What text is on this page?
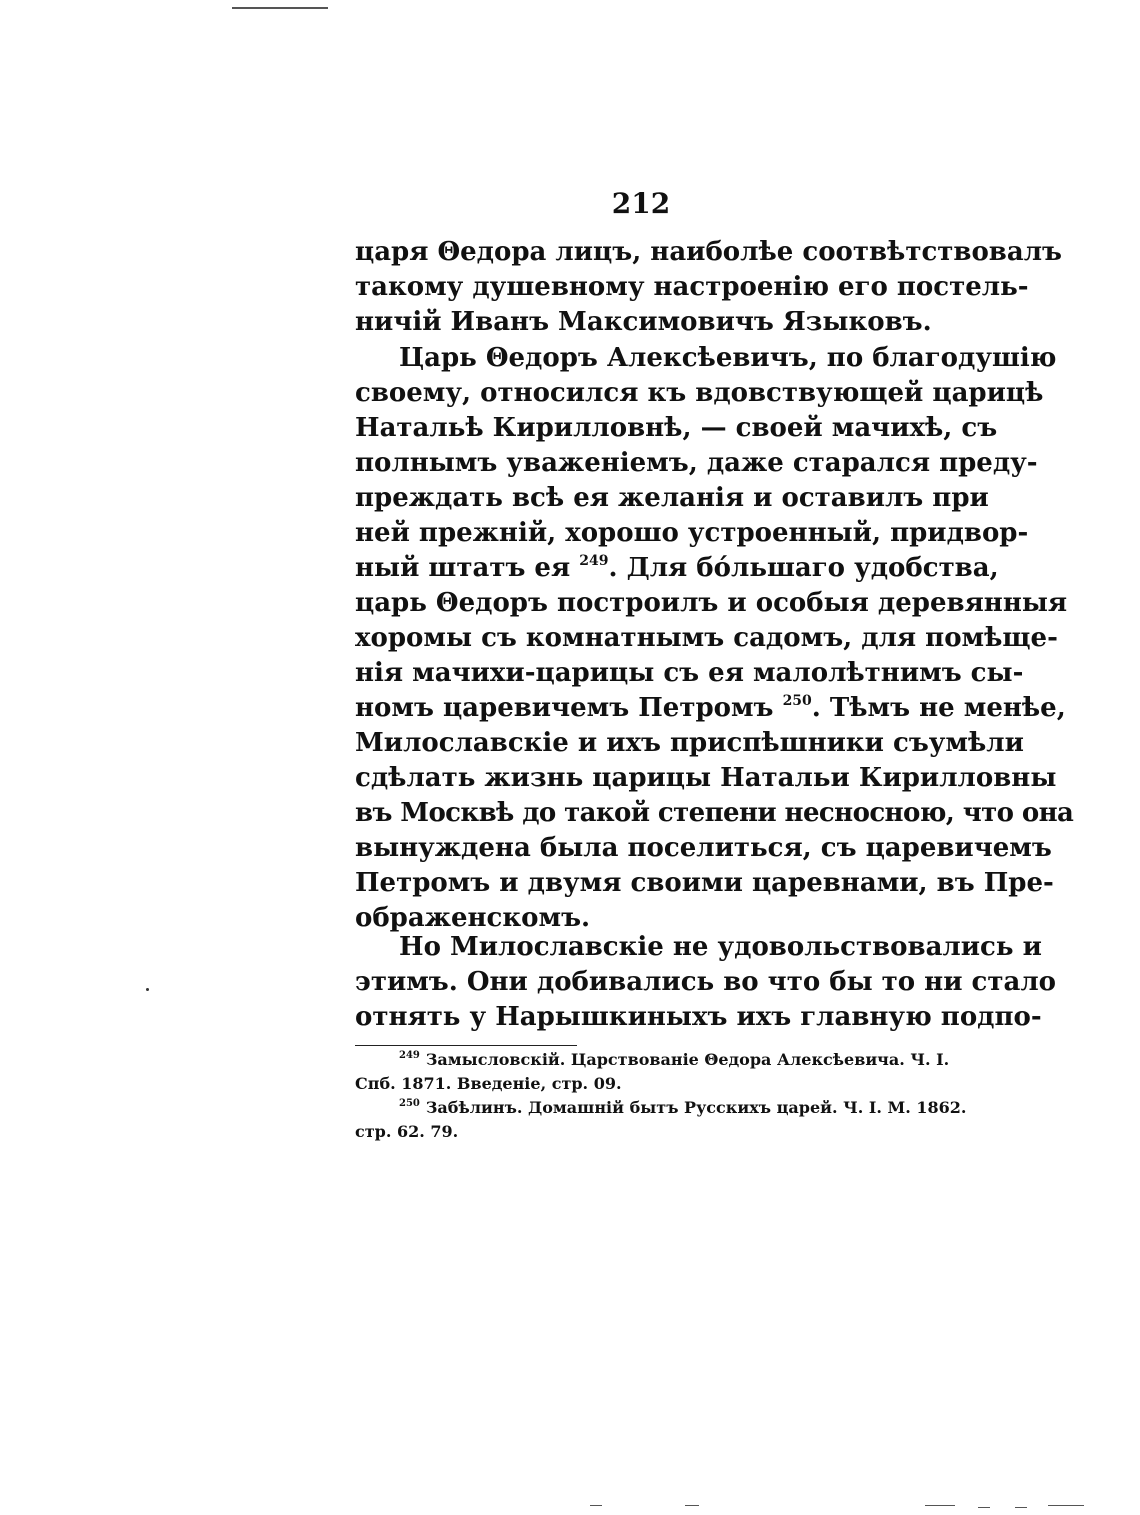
212
царя Θедора лицъ, наиболѣе соотвѣтствовалъ
такому душевному настроенію его постель-
ничій Иванъ Максимовичъ Языковъ.
Царь Θедоръ Алексѣевичъ, по благодушію
своему, относился къ вдовствующей царицѣ
Натальѣ Кирилловнѣ, — своей мачихѣ, съ
полнымъ уваженіемъ, даже старался преду-
преждать всѣ ея желанія и оставилъ при
ней прежній, хорошо устроенный, придвор-
ный штатъ ея $^{249}$. Для бо́льшаго удобства,
царь Θедоръ построилъ и особыя деревянныя
хоромы съ комнатнымъ садомъ, для помѣще-
нія мачихи-царицы съ ея малолѣтнимъ сы-
номъ царевичемъ Петромъ $^{250}$. Тѣмъ не менѣе,
Милославскіе и ихъ приспѣшники съумѣли
сдѣлать жизнь царицы Натальи Кирилловны
въ Москвѣ до такой степени несносною, что она
вынуждена была поселиться, съ царевичемъ
Петромъ и двумя своими царевнами, въ Пре-
ображенскомъ.
Но Милославскіе не удовольствовались и
этимъ. Они добивались во что бы то ни стало
отнять у Нарышкиныхъ ихъ главную подпо-
$^{249}$ Замысловскій. Царствованіе Θедора Алексѣевича. Ч. I.
Спб. 1871. Введеніе, стр. 09.
$^{250}$ Забѣлинъ. Домашній бытъ Русскихъ царей. Ч. I. М. 1862.
стр. 62. 79.
